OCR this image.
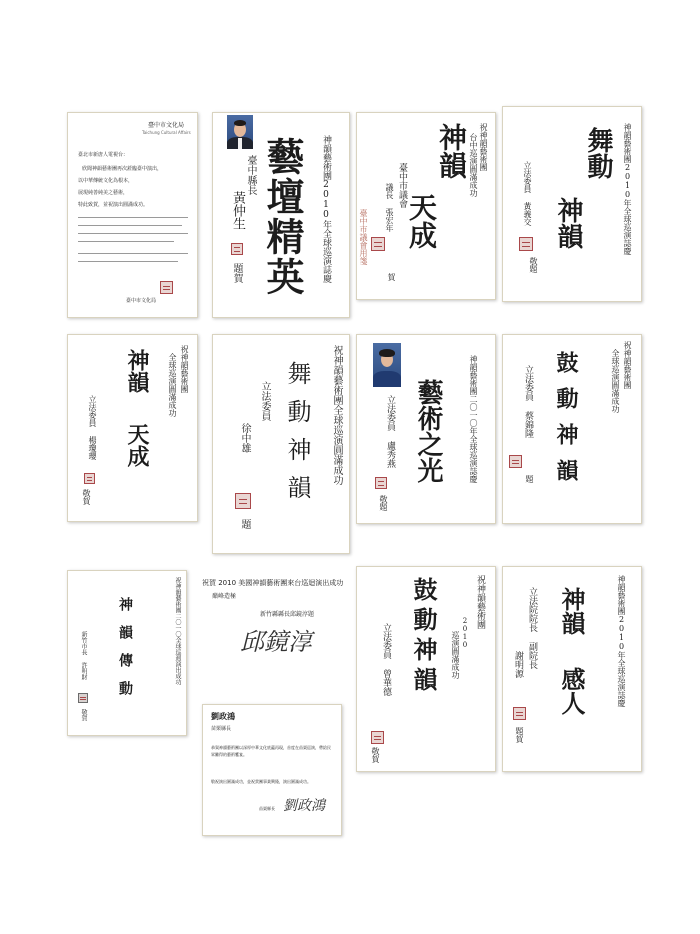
臺中市文化局
Taichung Cultural Affairs
臺北市新唐人電視台：
欣聞神韻藝術團再次蒞臨臺中演出，
以中華傳統文化為根本，
展現純善純美之藝術，
特此致賀，並祝演出圓滿成功。
臺中市文化局
神韻藝術團2010年全球巡演誌慶
藝壇精英
臺中縣長
黃仲生
題賀
祝神韻藝術團
台中巡演圓滿成功
神韻
天成
臺中市議會
議長 張宏年
臺中市議會用箋
賀
神韻藝術團2010年全球巡演誌慶
舞動
神韻
立法委員 黃義交
敬題
祝神韻藝術團
全球巡演圓滿成功
神韻
天成
立法委員 楊瓊瓔
敬賀
祝神韻藝術團全球巡演圓滿成功
舞動神韻
立法委員
徐中雄
題
神韻藝術團二〇一〇年全球巡演誌慶
藝術之光
立法委員 盧秀燕
敬題
祝神韻藝術團
全球巡演圓滿成功
鼓動神韻
立法委員 蔡錦隆
題
祝神韻藝術團二〇一〇全球巡迴演出成功
神韻傳動
新竹市長 許明財
敬賀
祝賀 2010 美國神韻藝術團來台巡迴演出成功
巔峰造極
新竹縣縣長邱鏡淳題
邱鏡淳
祝神韻藝術團
2010
巡演圓滿成功
鼓動神韻
立法委員 曾華德
敬賀
神韻藝術團2010年全球巡演誌慶
神韻
感人
立法院院長 副院長
謝明源
題賀
劉政鴻
苗栗縣長
恭賀神韻藝術團以深厚中華文化底蘊再現，首度在苗栗巡演，帶給民眾難得的藝術饗宴。
敬祝演出圓滿成功，並祝貴團事業興隆，演出圓滿成功。
苗栗縣長 劉政鴻
